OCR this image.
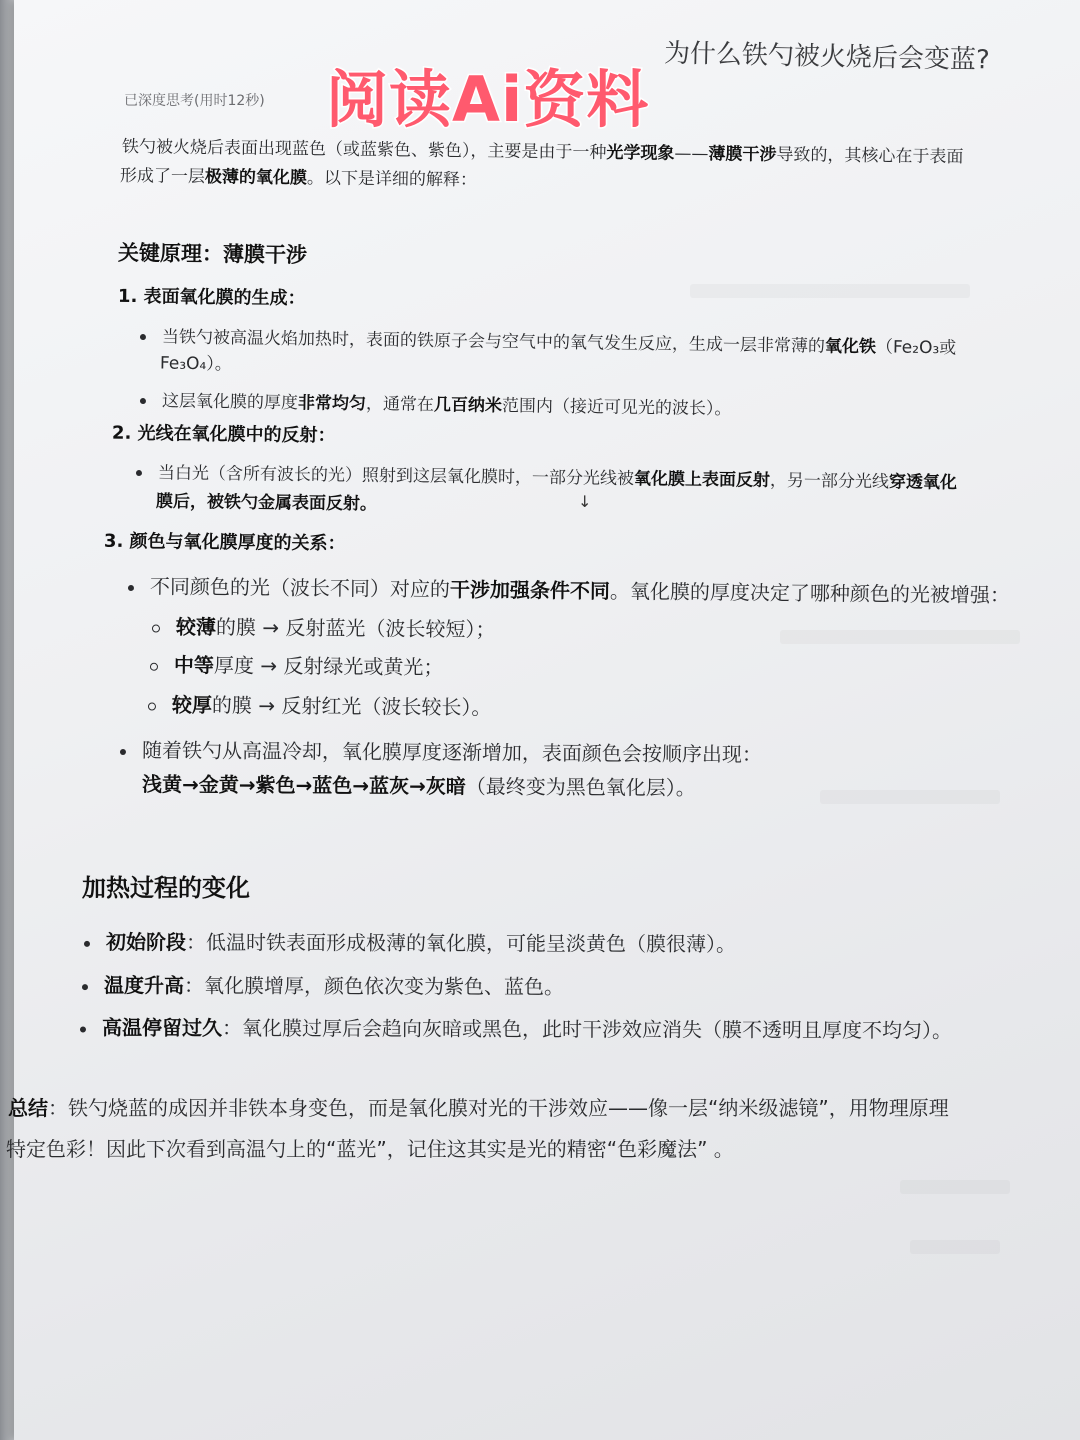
为什么铁勺被火烧后会变蓝?
已深度思考(用时12秒)
铁勺被火烧后表面出现蓝色（或蓝紫色、紫色），主要是由于一种光学现象——薄膜干涉导致的，其核心在于表面
形成了一层极薄的氧化膜。以下是详细的解释：
关键原理：薄膜干涉
1. 表面氧化膜的生成：
当铁勺被高温火焰加热时，表面的铁原子会与空气中的氧气发生反应，生成一层非常薄的氧化铁（Fe₂O₃或
Fe₃O₄）。
这层氧化膜的厚度非常均匀，通常在几百纳米范围内（接近可见光的波长）。
2. 光线在氧化膜中的反射：
当白光（含所有波长的光）照射到这层氧化膜时，一部分光线被氧化膜上表面反射，另一部分光线穿透氧化
膜后，被铁勺金属表面反射。	↓
3. 颜色与氧化膜厚度的关系：
不同颜色的光（波长不同）对应的干涉加强条件不同。氧化膜的厚度决定了哪种颜色的光被增强：
较薄的膜 → 反射蓝光（波长较短）；
中等厚度 → 反射绿光或黄光；
较厚的膜 → 反射红光（波长较长）。
随着铁勺从高温冷却，氧化膜厚度逐渐增加，表面颜色会按顺序出现：
浅黄→金黄→紫色→蓝色→蓝灰→灰暗（最终变为黑色氧化层）。
加热过程的变化
初始阶段：低温时铁表面形成极薄的氧化膜，可能呈淡黄色（膜很薄）。
温度升高：氧化膜增厚，颜色依次变为紫色、蓝色。
高温停留过久：氧化膜过厚后会趋向灰暗或黑色，此时干涉效应消失（膜不透明且厚度不均匀）。
总结：铁勺烧蓝的成因并非铁本身变色，而是氧化膜对光的干涉效应——像一层“纳米级滤镜”，用物理原理
特定色彩！因此下次看到高温勺上的“蓝光”，记住这其实是光的精密“色彩魔法” 。
阅读Ai资料
